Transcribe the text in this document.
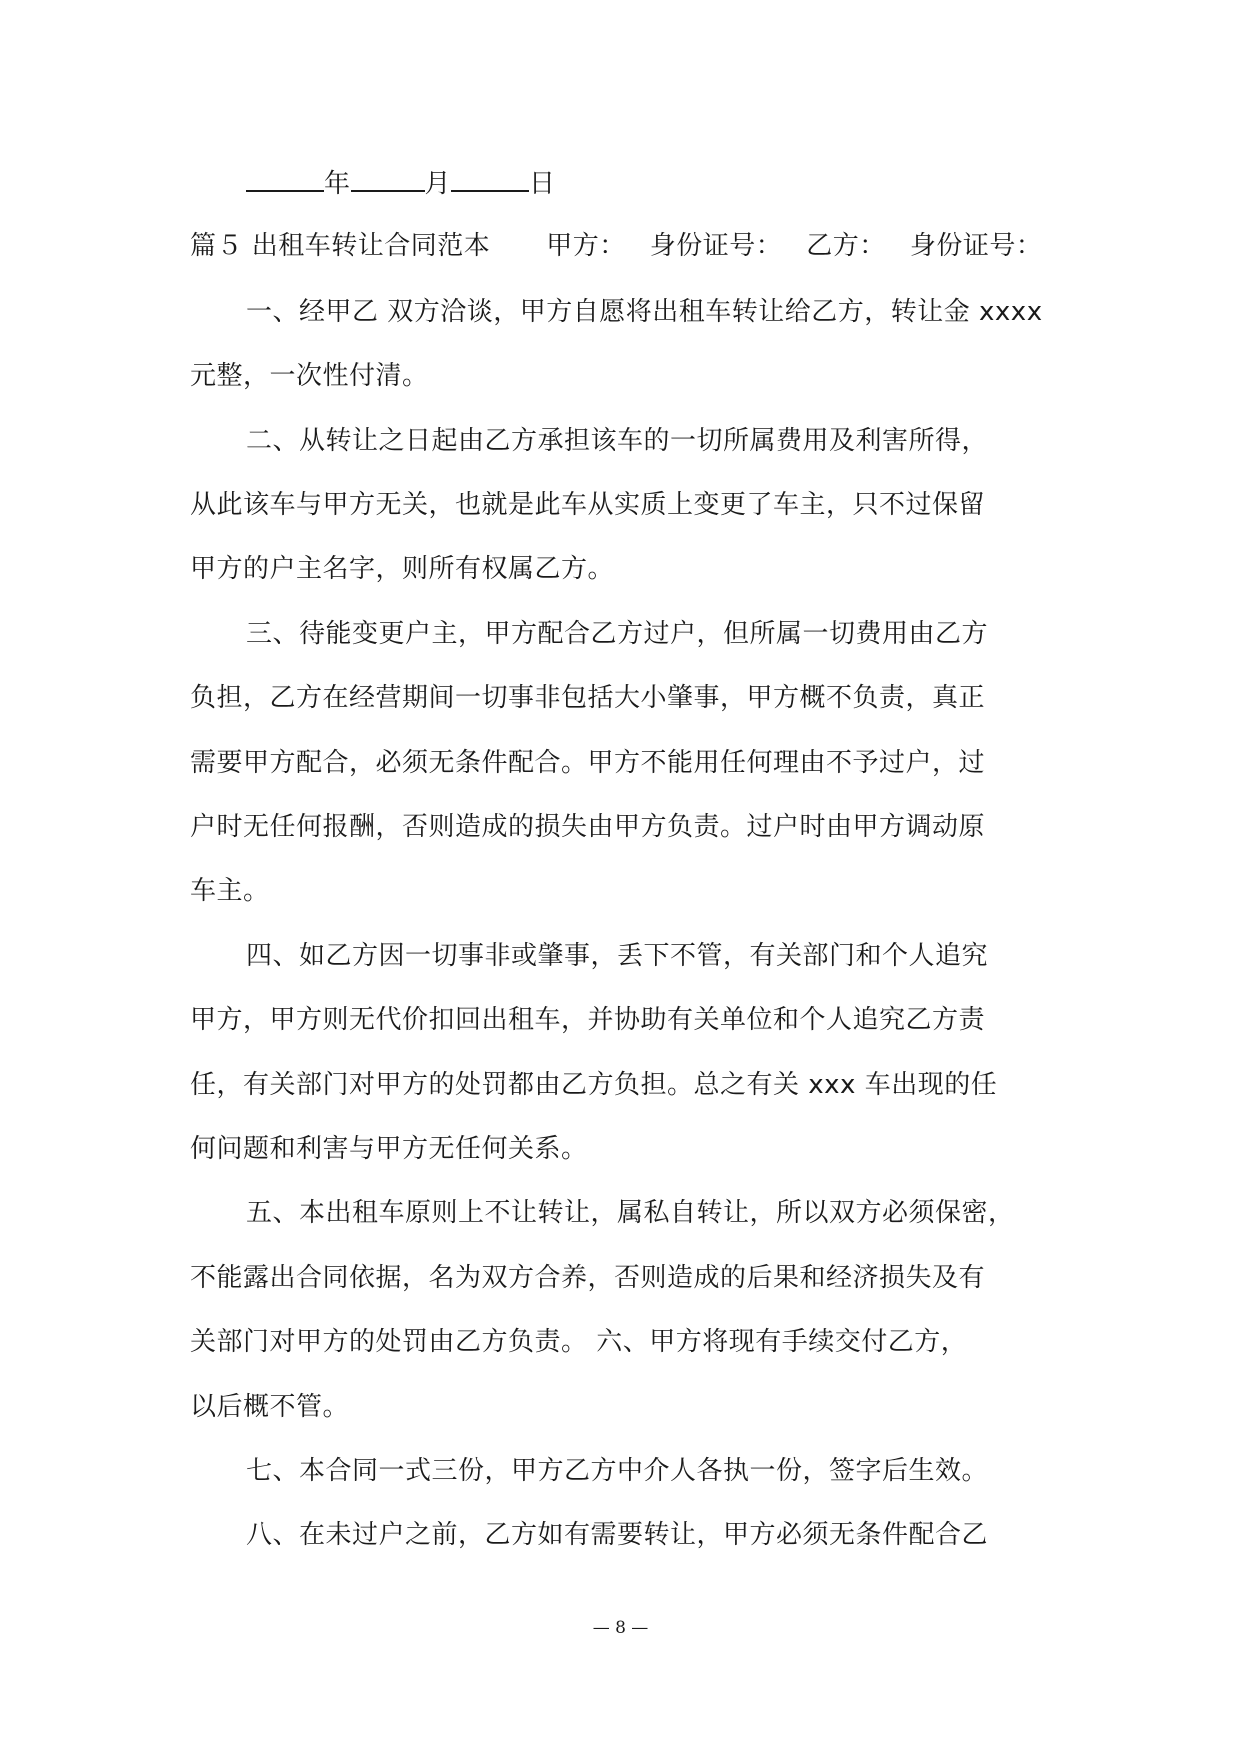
年	月	日
篇５ 出租车转让合同范本 甲方： 身份证号： 乙方： 身份证号：
一、经甲乙 双方洽谈，甲方自愿将出租车转让给乙方，转让金 xxxx
元整，一次性付清。
二、从转让之日起由乙方承担该车的一切所属费用及利害所得，
从此该车与甲方无关，也就是此车从实质上变更了车主，只不过保留
甲方的户主名字，则所有权属乙方。
三、待能变更户主，甲方配合乙方过户，但所属一切费用由乙方
负担，乙方在经营期间一切事非包括大小肇事，甲方概不负责，真正
需要甲方配合，必须无条件配合。甲方不能用任何理由不予过户，过
户时无任何报酬，否则造成的损失由甲方负责。过户时由甲方调动原
车主。
四、如乙方因一切事非或肇事，丢下不管，有关部门和个人追究
甲方，甲方则无代价扣回出租车，并协助有关单位和个人追究乙方责
任，有关部门对甲方的处罚都由乙方负担。总之有关 xxx 车出现的任
何问题和利害与甲方无任何关系。
五、本出租车原则上不让转让，属私自转让，所以双方必须保密，
不能露出合同依据，名为双方合养，否则造成的后果和经济损失及有
关部门对甲方的处罚由乙方负责。 六、甲方将现有手续交付乙方，
以后概不管。
七、本合同一式三份，甲方乙方中介人各执一份，签字后生效。
八、在未过户之前，乙方如有需要转让，甲方必须无条件配合乙
— 8 —
